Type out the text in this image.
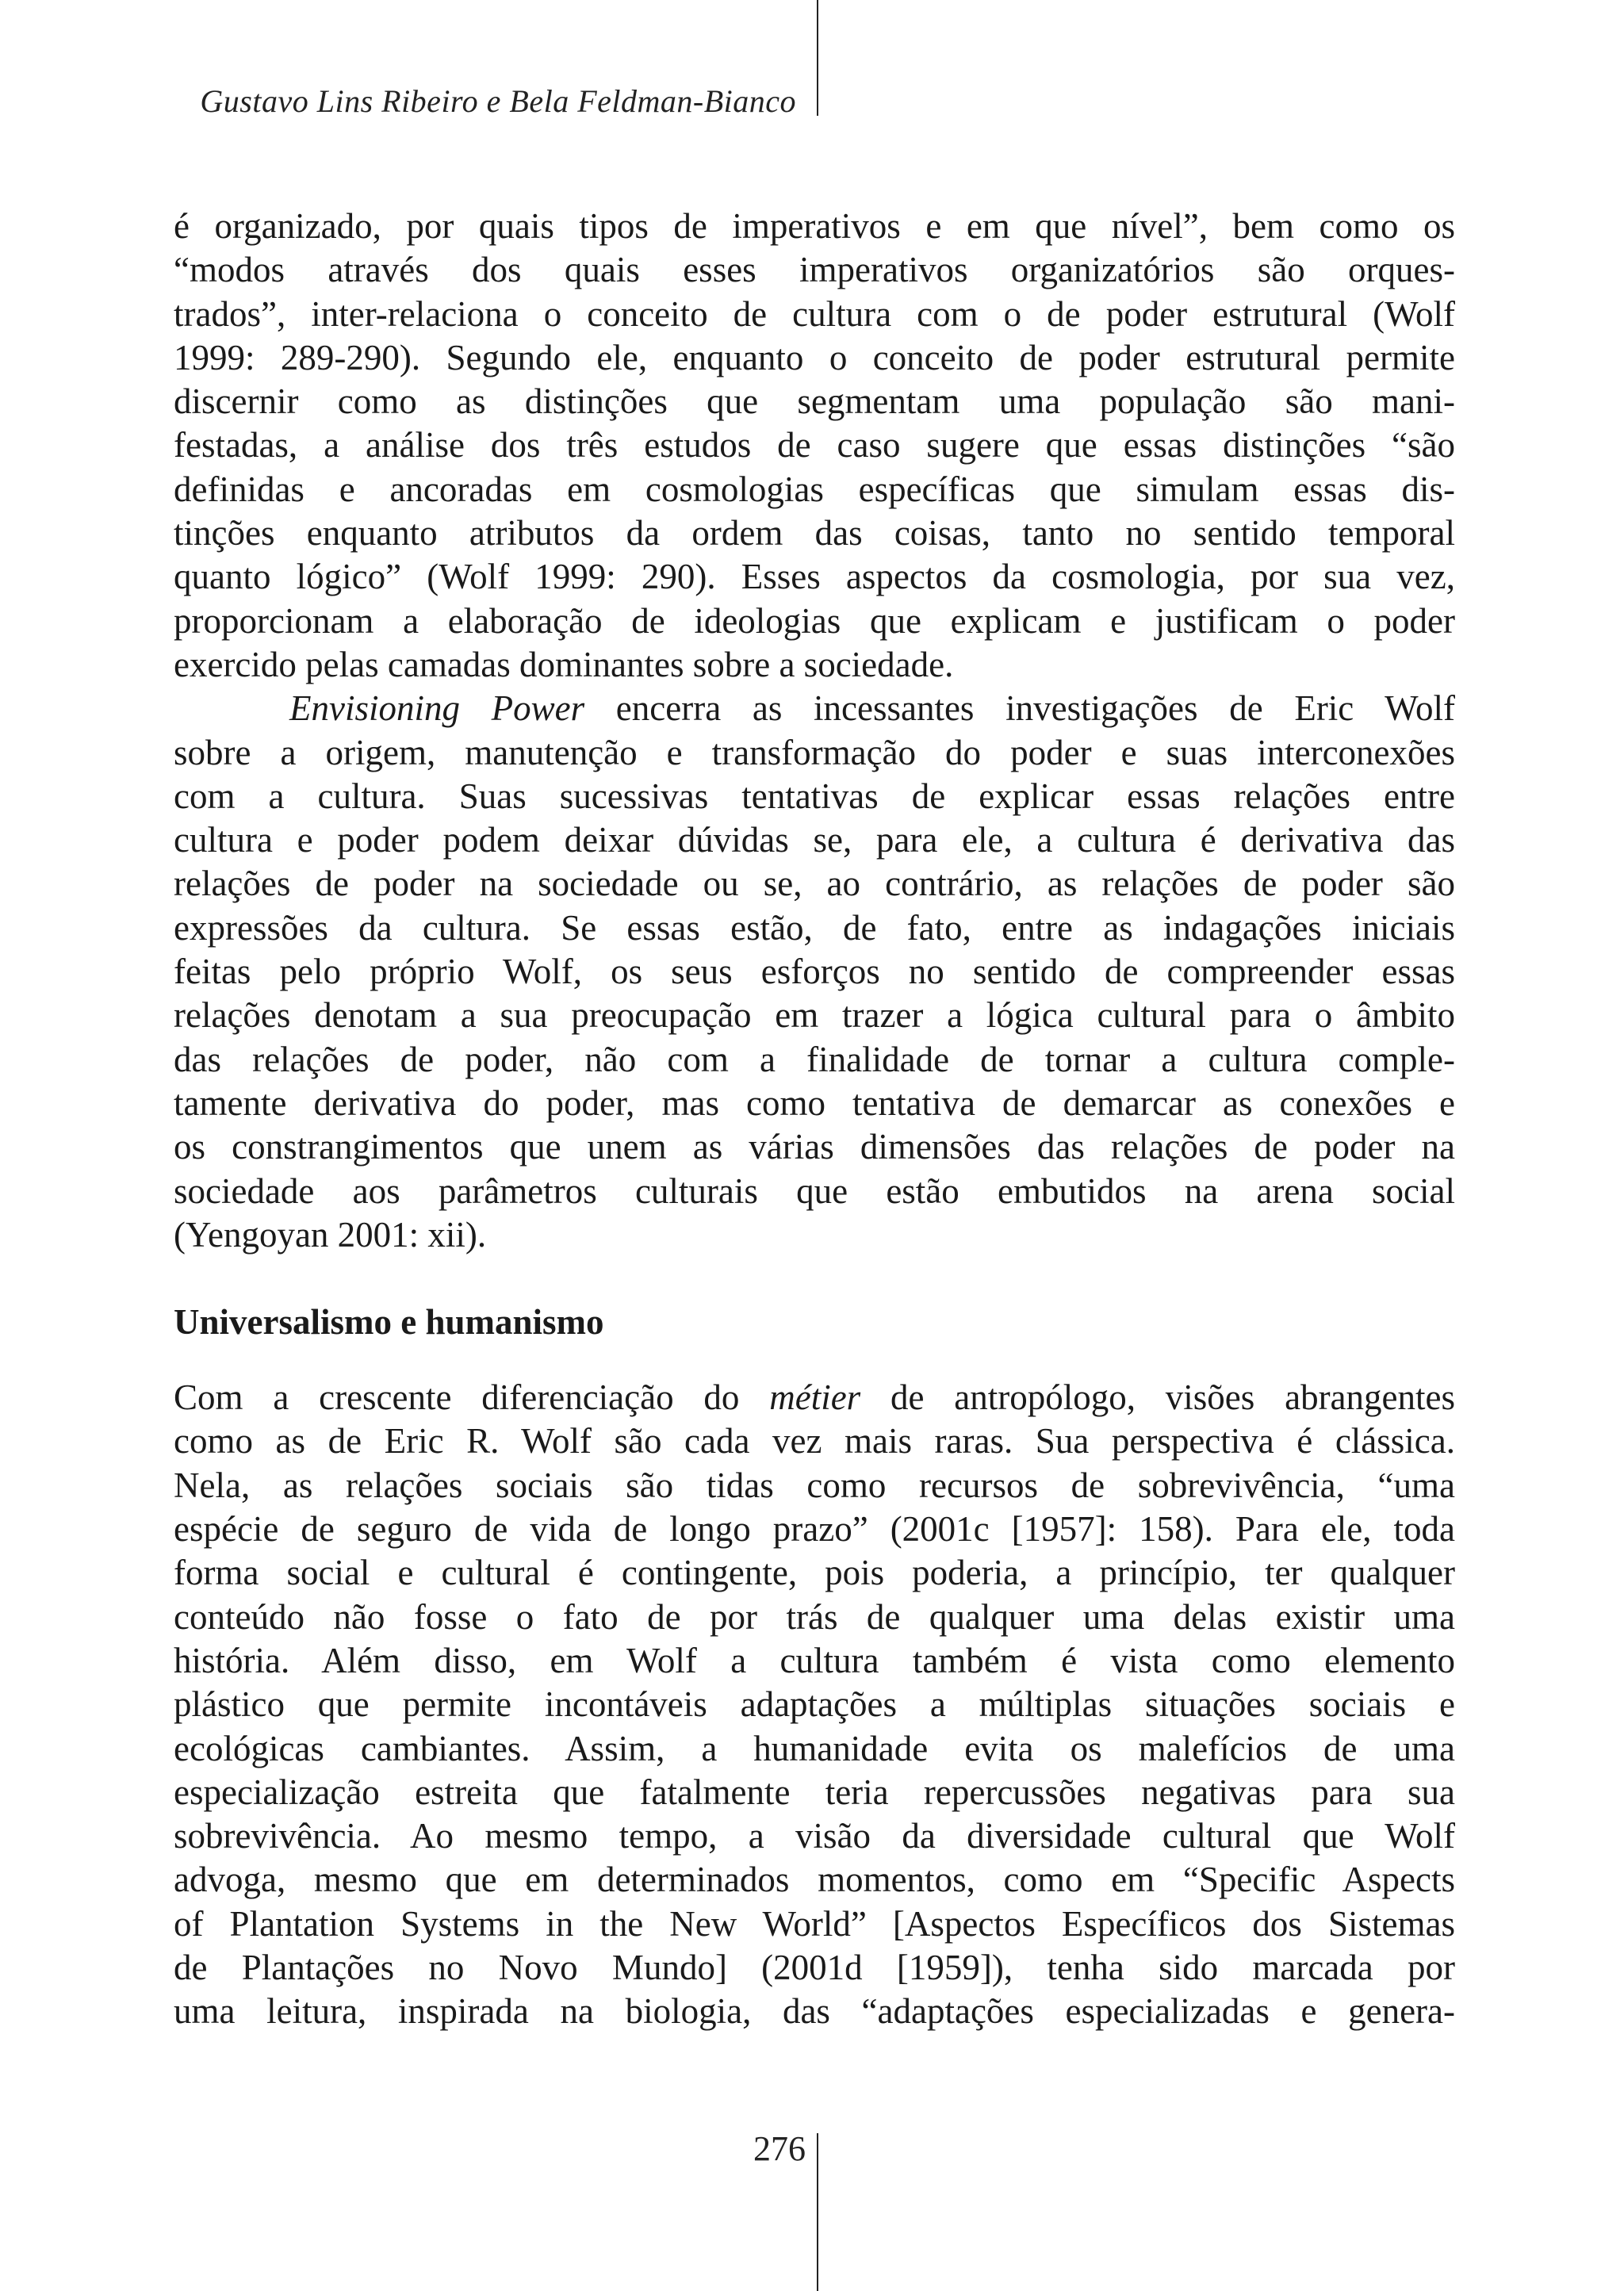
Gustavo Lins Ribeiro e Bela Feldman-Bianco
é organizado, por quais tipos de imperativos e em que nível”, bem como os
“modos através dos quais esses imperativos organizatórios são orques-
trados”, inter-relaciona o conceito de cultura com o de poder estrutural (Wolf
1999: 289-290). Segundo ele, enquanto o conceito de poder estrutural permite
discernir como as distinções que segmentam uma população são mani-
festadas, a análise dos três estudos de caso sugere que essas distinções “são
definidas e ancoradas em cosmologias específicas que simulam essas dis-
tinções enquanto atributos da ordem das coisas, tanto no sentido temporal
quanto lógico” (Wolf 1999: 290). Esses aspectos da cosmologia, por sua vez,
proporcionam a elaboração de ideologias que explicam e justificam o poder
exercido pelas camadas dominantes sobre a sociedade.
Envisioning Power encerra as incessantes investigações de Eric Wolf
sobre a origem, manutenção e transformação do poder e suas interconexões
com a cultura. Suas sucessivas tentativas de explicar essas relações entre
cultura e poder podem deixar dúvidas se, para ele, a cultura é derivativa das
relações de poder na sociedade ou se, ao contrário, as relações de poder são
expressões da cultura. Se essas estão, de fato, entre as indagações iniciais
feitas pelo próprio Wolf, os seus esforços no sentido de compreender essas
relações denotam a sua preocupação em trazer a lógica cultural para o âmbito
das relações de poder, não com a finalidade de tornar a cultura comple-
tamente derivativa do poder, mas como tentativa de demarcar as conexões e
os constrangimentos que unem as várias dimensões das relações de poder na
sociedade aos parâmetros culturais que estão embutidos na arena social
(Yengoyan 2001: xii).
Universalismo e humanismo
Com a crescente diferenciação do métier de antropólogo, visões abrangentes
como as de Eric R. Wolf são cada vez mais raras. Sua perspectiva é clássica.
Nela, as relações sociais são tidas como recursos de sobrevivência, “uma
espécie de seguro de vida de longo prazo” (2001c [1957]: 158). Para ele, toda
forma social e cultural é contingente, pois poderia, a princípio, ter qualquer
conteúdo não fosse o fato de por trás de qualquer uma delas existir uma
história. Além disso, em Wolf a cultura também é vista como elemento
plástico que permite incontáveis adaptações a múltiplas situações sociais e
ecológicas cambiantes. Assim, a humanidade evita os malefícios de uma
especialização estreita que fatalmente teria repercussões negativas para sua
sobrevivência. Ao mesmo tempo, a visão da diversidade cultural que Wolf
advoga, mesmo que em determinados momentos, como em “Specific Aspects
of Plantation Systems in the New World” [Aspectos Específicos dos Sistemas
de Plantações no Novo Mundo] (2001d [1959]), tenha sido marcada por
uma leitura, inspirada na biologia, das “adaptações especializadas e genera-
276
